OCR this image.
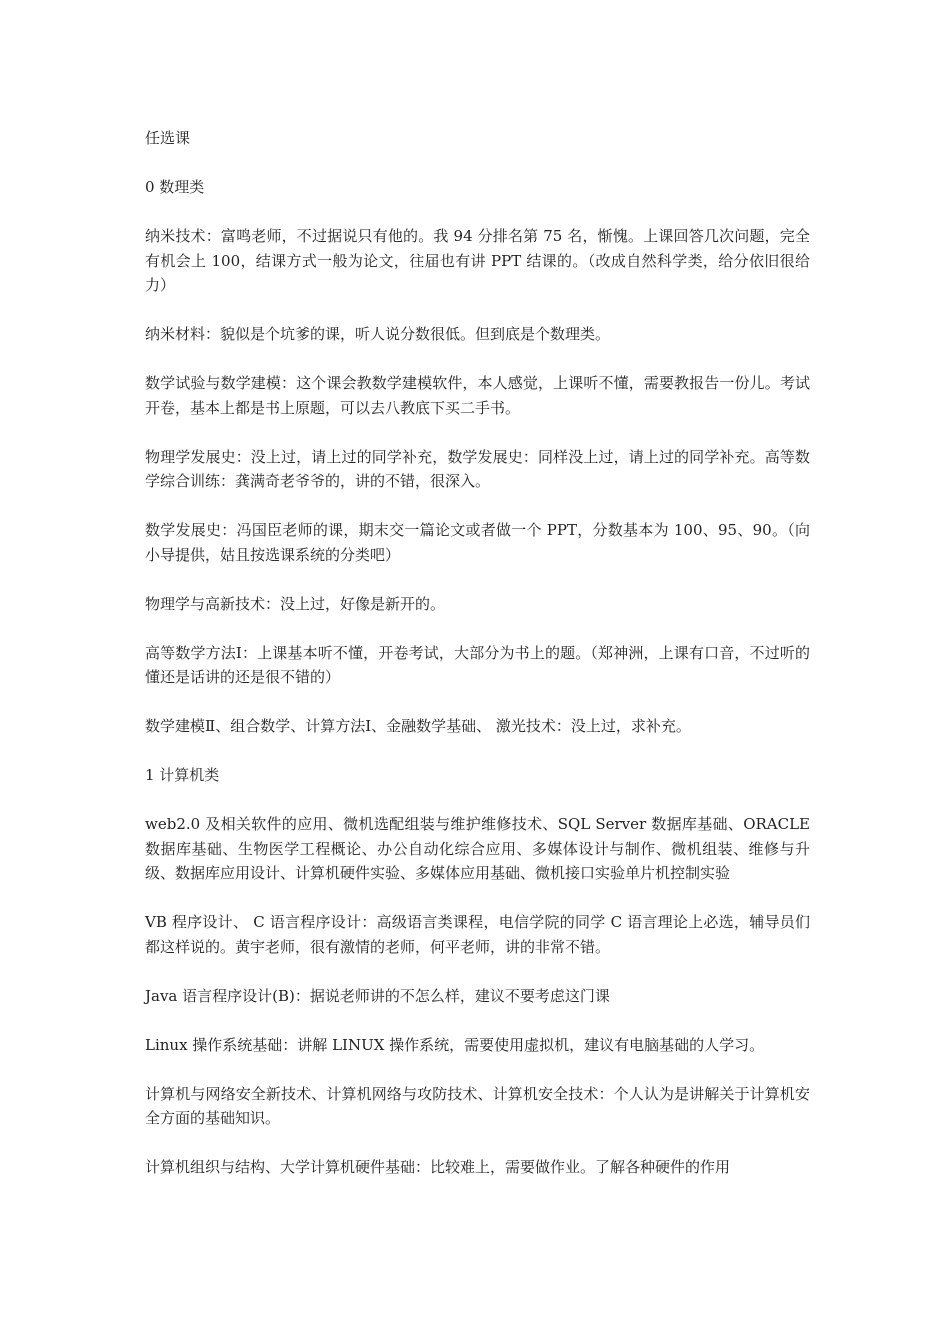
任选课

0 数理类

纳米技术：富鸣老师，不过据说只有他的。我 94 分排名第 75 名，惭愧。上课回答几次问题，完全有机会上 100，结课方式一般为论文，往届也有讲 PPT 结课的。（改成自然科学类，给分依旧很给力）

纳米材料：貌似是个坑爹的课，听人说分数很低。但到底是个数理类。

数学试验与数学建模：这个课会教数学建模软件，本人感觉，上课听不懂，需要教报告一份儿。考试开卷，基本上都是书上原题，可以去八教底下买二手书。

物理学发展史：没上过，请上过的同学补充，数学发展史：同样没上过，请上过的同学补充。高等数学综合训练：龚满奇老爷爷的，讲的不错，很深入。

数学发展史：冯国臣老师的课，期末交一篇论文或者做一个 PPT，分数基本为 100、95、90。（向小导提供，姑且按选课系统的分类吧）

物理学与高新技术：没上过，好像是新开的。

高等数学方法Ⅰ：上课基本听不懂，开卷考试，大部分为书上的题。（郑神洲，上课有口音，不过听的懂还是话讲的还是很不错的）

数学建模Ⅱ、组合数学、计算方法Ⅰ、金融数学基础、 激光技术：没上过，求补充。

1 计算机类

web2.0 及相关软件的应用、微机选配组装与维护维修技术、SQL Server 数据库基础、ORACLE 数据库基础、生物医学工程概论、办公自动化综合应用、多媒体设计与制作、微机组装、维修与升级、数据库应用设计、计算机硬件实验、多媒体应用基础、微机接口实验单片机控制实验

VB 程序设计、 C 语言程序设计：高级语言类课程，电信学院的同学 C 语言理论上必选，辅导员们都这样说的。黄宇老师，很有激情的老师，何平老师，讲的非常不错。

Java 语言程序设计(B)：据说老师讲的不怎么样，建议不要考虑这门课

Linux 操作系统基础：讲解 LINUX 操作系统，需要使用虚拟机，建议有电脑基础的人学习。

计算机与网络安全新技术、计算机网络与攻防技术、计算机安全技术：个人认为是讲解关于计算机安全方面的基础知识。

计算机组织与结构、大学计算机硬件基础：比较难上，需要做作业。了解各种硬件的作用
